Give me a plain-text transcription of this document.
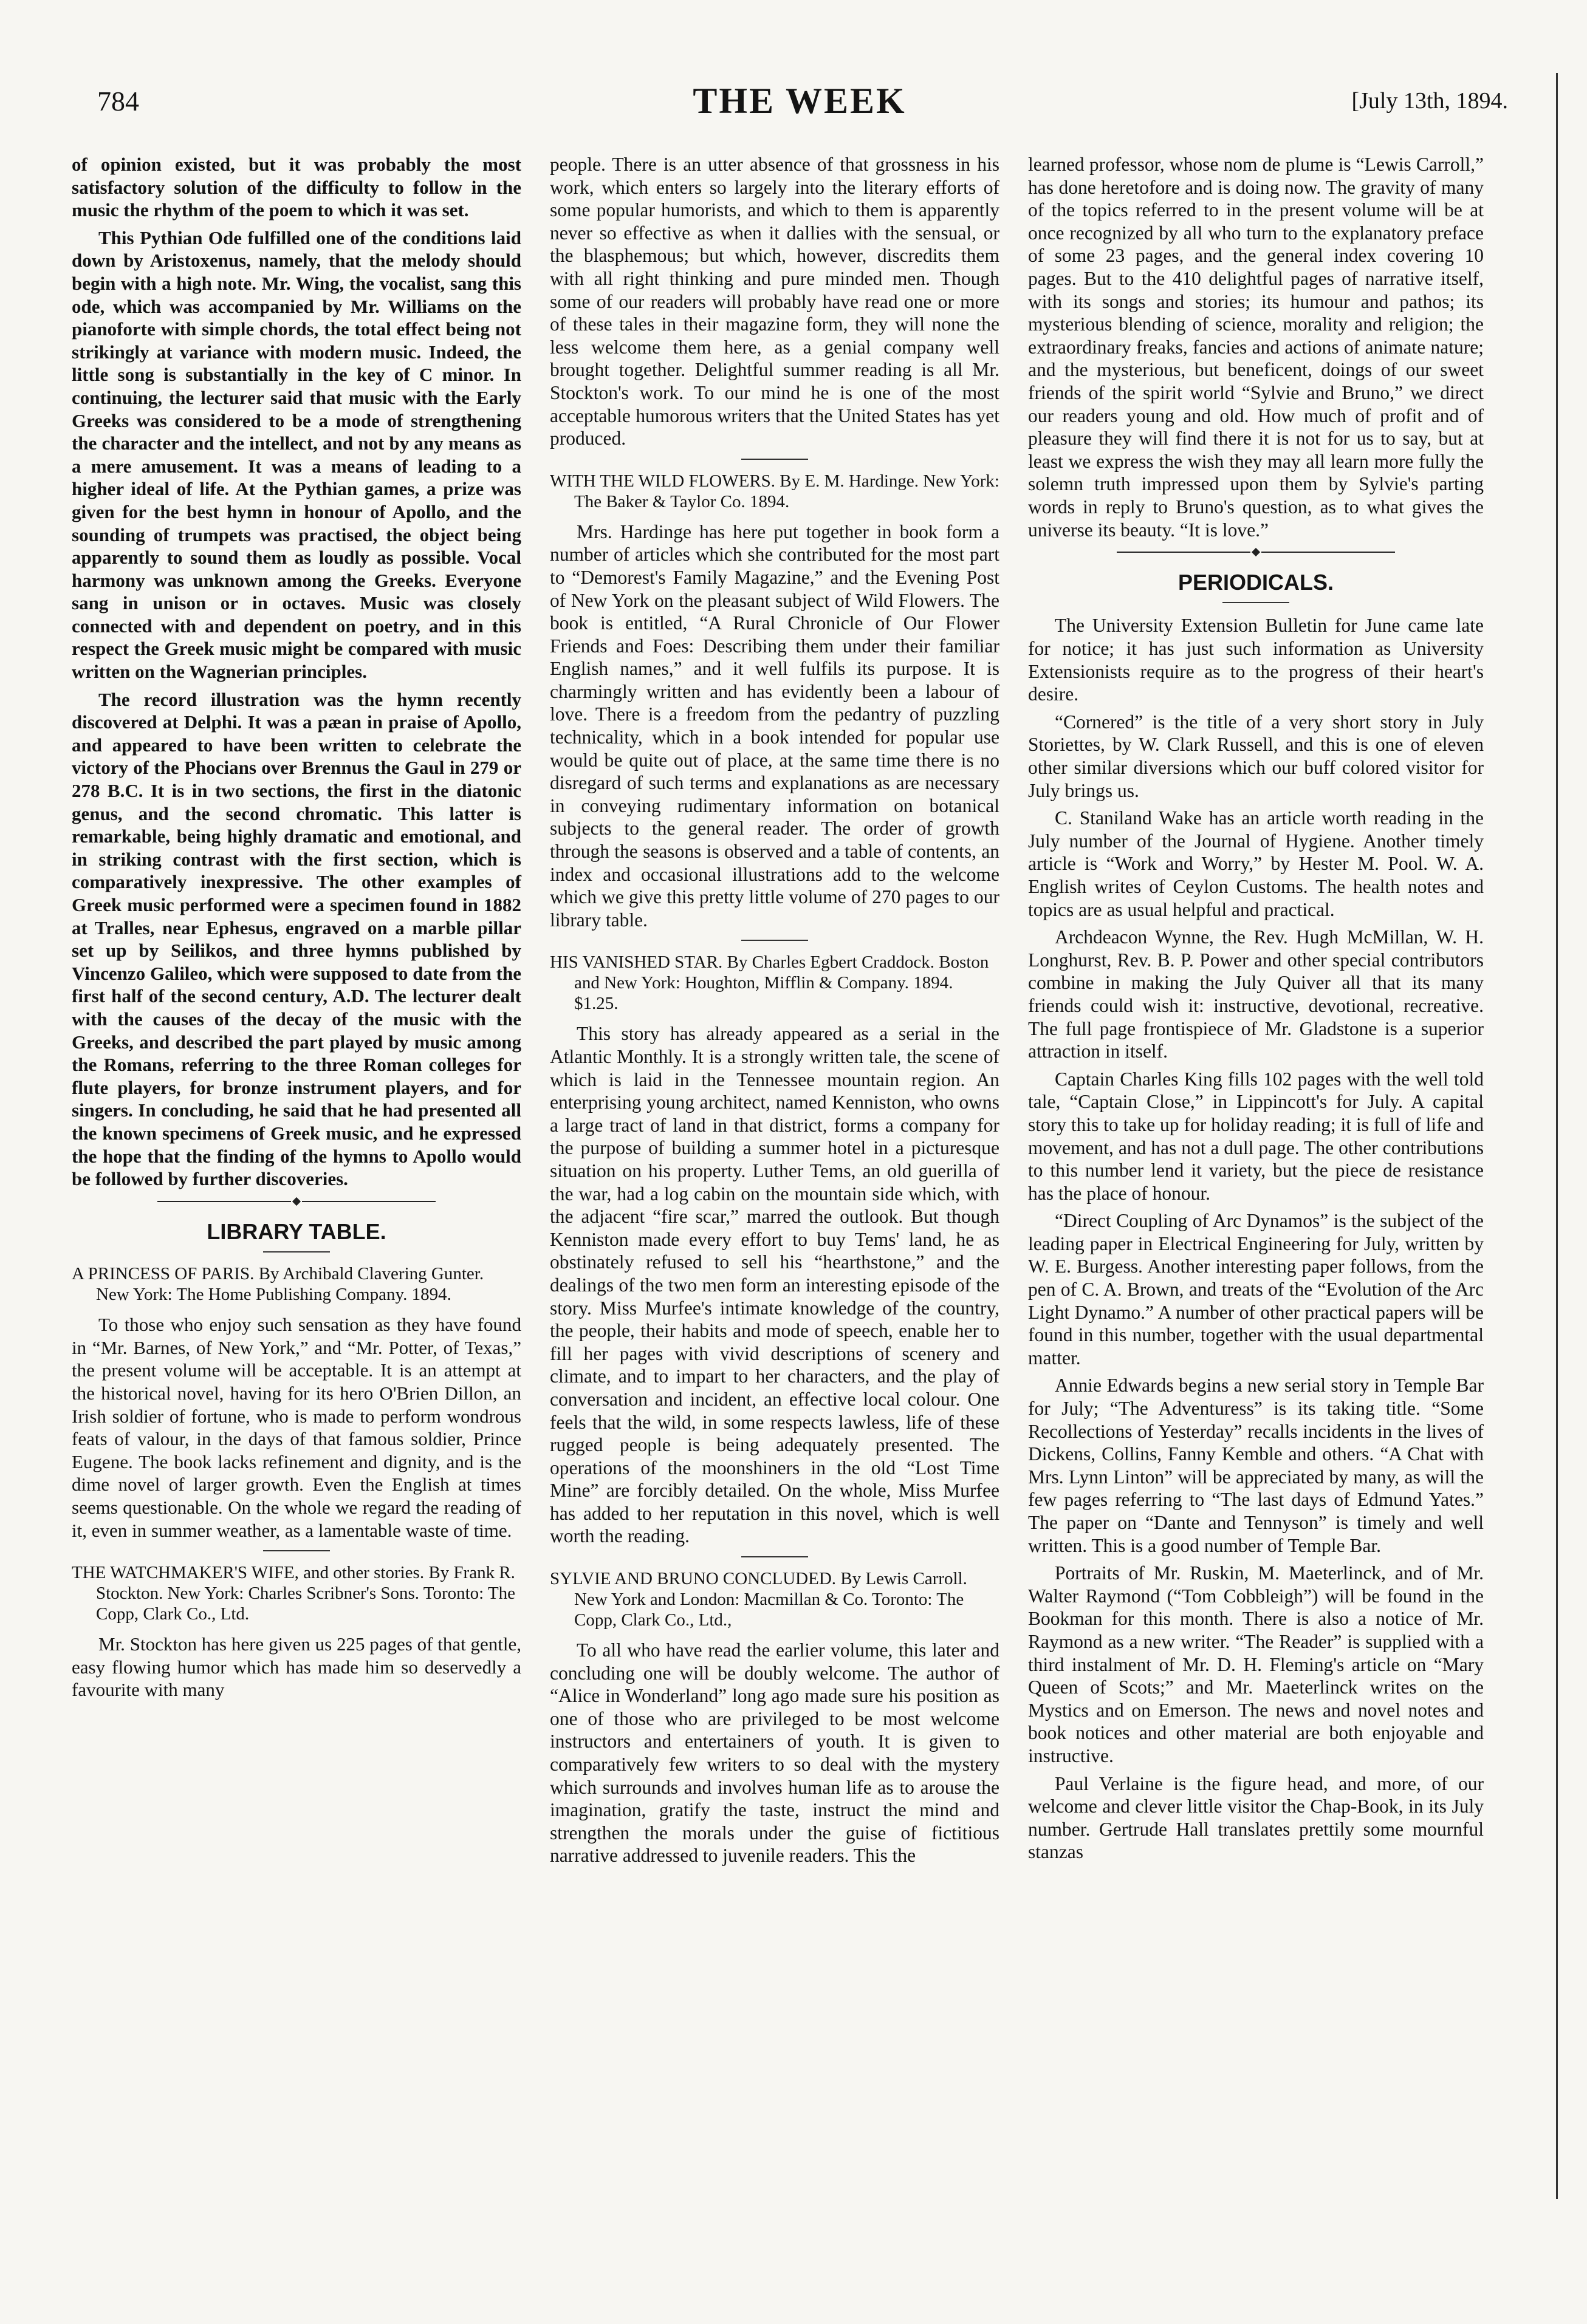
784	THE WEEK	[July 13th, 1894.

of opinion existed, but it was probably the most satisfactory solution of the difficulty to follow in the music the rhythm of the poem to which it was set.

This Pythian Ode fulfilled one of the conditions laid down by Aristoxenus, namely, that the melody should begin with a high note. Mr. Wing, the vocalist, sang this ode, which was accompanied by Mr. Williams on the pianoforte with simple chords, the total effect being not strikingly at variance with modern music. Indeed, the little song is substantially in the key of C minor. In continuing, the lecturer said that music with the Early Greeks was considered to be a mode of strengthening the character and the intellect, and not by any means as a mere amusement. It was a means of leading to a higher ideal of life. At the Pythian games, a prize was given for the best hymn in honour of Apollo, and the sounding of trumpets was practised, the object being apparently to sound them as loudly as possible. Vocal harmony was unknown among the Greeks. Everyone sang in unison or in octaves. Music was closely connected with and dependent on poetry, and in this respect the Greek music might be compared with music written on the Wagnerian principles.

The record illustration was the hymn recently discovered at Delphi. It was a pæan in praise of Apollo, and appeared to have been written to celebrate the victory of the Phocians over Brennus the Gaul in 279 or 278 B.C. It is in two sections, the first in the diatonic genus, and the second chromatic. This latter is remarkable, being highly dramatic and emotional, and in striking contrast with the first section, which is comparatively inexpressive. The other examples of Greek music performed were a specimen found in 1882 at Tralles, near Ephesus, engraved on a marble pillar set up by Seilikos, and three hymns published by Vincenzo Galileo, which were supposed to date from the first half of the second century, A.D. The lecturer dealt with the causes of the decay of the music with the Greeks, and described the part played by music among the Romans, referring to the three Roman colleges for flute players, for bronze instrument players, and for singers. In concluding, he said that he had presented all the known specimens of Greek music, and he expressed the hope that the finding of the hymns to Apollo would be followed by further discoveries.

LIBRARY TABLE.
A PRINCESS OF PARIS. By Archibald Clavering Gunter. New York: The Home Publishing Company. 1894.

To those who enjoy such sensation as they have found in “Mr. Barnes, of New York,” and “Mr. Potter, of Texas,” the present volume will be acceptable. It is an attempt at the historical novel, having for its hero O'Brien Dillon, an Irish soldier of fortune, who is made to perform wondrous feats of valour, in the days of that famous soldier, Prince Eugene. The book lacks refinement and dignity, and is the dime novel of larger growth. Even the English at times seems questionable. On the whole we regard the reading of it, even in summer weather, as a lamentable waste of time.

THE WATCHMAKER'S WIFE, and other stories. By Frank R. Stockton. New York: Charles Scribner's Sons. Toronto: The Copp, Clark Co., Ltd.

Mr. Stockton has here given us 225 pages of that gentle, easy flowing humor which has made him so deservedly a favourite with many

people. There is an utter absence of that grossness in his work, which enters so largely into the literary efforts of some popular humorists, and which to them is apparently never so effective as when it dallies with the sensual, or the blasphemous; but which, however, discredits them with all right thinking and pure minded men. Though some of our readers will probably have read one or more of these tales in their magazine form, they will none the less welcome them here, as a genial company well brought together. Delightful summer reading is all Mr. Stockton's work. To our mind he is one of the most acceptable humorous writers that the United States has yet produced.

WITH THE WILD FLOWERS. By E. M. Hardinge. New York: The Baker & Taylor Co. 1894.

Mrs. Hardinge has here put together in book form a number of articles which she contributed for the most part to “Demorest's Family Magazine,” and the Evening Post of New York on the pleasant subject of Wild Flowers. The book is entitled, “A Rural Chronicle of Our Flower Friends and Foes: Describing them under their familiar English names,” and it well fulfils its purpose. It is charmingly written and has evidently been a labour of love. There is a freedom from the pedantry of puzzling technicality, which in a book intended for popular use would be quite out of place, at the same time there is no disregard of such terms and explanations as are necessary in conveying rudimentary information on botanical subjects to the general reader. The order of growth through the seasons is observed and a table of contents, an index and occasional illustrations add to the welcome which we give this pretty little volume of 270 pages to our library table.

HIS VANISHED STAR. By Charles Egbert Craddock. Boston and New York: Houghton, Mifflin & Company. 1894. $1.25.

This story has already appeared as a serial in the Atlantic Monthly. It is a strongly written tale, the scene of which is laid in the Tennessee mountain region. An enterprising young architect, named Kenniston, who owns a large tract of land in that district, forms a company for the purpose of building a summer hotel in a picturesque situation on his property. Luther Tems, an old guerilla of the war, had a log cabin on the mountain side which, with the adjacent “fire scar,” marred the outlook. But though Kenniston made every effort to buy Tems' land, he as obstinately refused to sell his “hearthstone,” and the dealings of the two men form an interesting episode of the story. Miss Murfee's intimate knowledge of the country, the people, their habits and mode of speech, enable her to fill her pages with vivid descriptions of scenery and climate, and to impart to her characters, and the play of conversation and incident, an effective local colour. One feels that the wild, in some respects lawless, life of these rugged people is being adequately presented. The operations of the moonshiners in the old “Lost Time Mine” are forcibly detailed. On the whole, Miss Murfee has added to her reputation in this novel, which is well worth the reading.

SYLVIE AND BRUNO CONCLUDED. By Lewis Carroll. New York and London: Macmillan & Co. Toronto: The Copp, Clark Co., Ltd.,

To all who have read the earlier volume, this later and concluding one will be doubly welcome. The author of “Alice in Wonderland” long ago made sure his position as one of those who are privileged to be most welcome instructors and entertainers of youth. It is given to comparatively few writers to so deal with the mystery which surrounds and involves human life as to arouse the imagination, gratify the taste, instruct the mind and strengthen the morals under the guise of fictitious narrative addressed to juvenile readers. This the

learned professor, whose nom de plume is “Lewis Carroll,” has done heretofore and is doing now. The gravity of many of the topics referred to in the present volume will be at once recognized by all who turn to the explanatory preface of some 23 pages, and the general index covering 10 pages. But to the 410 delightful pages of narrative itself, with its songs and stories; its humour and pathos; its mysterious blending of science, morality and religion; the extraordinary freaks, fancies and actions of animate nature; and the mysterious, but beneficent, doings of our sweet friends of the spirit world “Sylvie and Bruno,” we direct our readers young and old. How much of profit and of pleasure they will find there it is not for us to say, but at least we express the wish they may all learn more fully the solemn truth impressed upon them by Sylvie's parting words in reply to Bruno's question, as to what gives the universe its beauty. “It is love.”

PERIODICALS.

The University Extension Bulletin for June came late for notice; it has just such information as University Extensionists require as to the progress of their heart's desire.

“Cornered” is the title of a very short story in July Storiettes, by W. Clark Russell, and this is one of eleven other similar diversions which our buff colored visitor for July brings us.

C. Staniland Wake has an article worth reading in the July number of the Journal of Hygiene. Another timely article is “Work and Worry,” by Hester M. Pool. W. A. English writes of Ceylon Customs. The health notes and topics are as usual helpful and practical.

Archdeacon Wynne, the Rev. Hugh McMillan, W. H. Longhurst, Rev. B. P. Power and other special contributors combine in making the July Quiver all that its many friends could wish it: instructive, devotional, recreative. The full page frontispiece of Mr. Gladstone is a superior attraction in itself.

Captain Charles King fills 102 pages with the well told tale, “Captain Close,” in Lippincott's for July. A capital story this to take up for holiday reading; it is full of life and movement, and has not a dull page. The other contributions to this number lend it variety, but the piece de resistance has the place of honour.

“Direct Coupling of Arc Dynamos” is the subject of the leading paper in Electrical Engineering for July, written by W. E. Burgess. Another interesting paper follows, from the pen of C. A. Brown, and treats of the “Evolution of the Arc Light Dynamo.” A number of other practical papers will be found in this number, together with the usual departmental matter.

Annie Edwards begins a new serial story in Temple Bar for July; “The Adventuress” is its taking title. “Some Recollections of Yesterday” recalls incidents in the lives of Dickens, Collins, Fanny Kemble and others. “A Chat with Mrs. Lynn Linton” will be appreciated by many, as will the few pages referring to “The last days of Edmund Yates.” The paper on “Dante and Tennyson” is timely and well written. This is a good number of Temple Bar.

Portraits of Mr. Ruskin, M. Maeterlinck, and of Mr. Walter Raymond (“Tom Cobbleigh”) will be found in the Bookman for this month. There is also a notice of Mr. Raymond as a new writer. “The Reader” is supplied with a third instalment of Mr. D. H. Fleming's article on “Mary Queen of Scots;” and Mr. Maeterlinck writes on the Mystics and on Emerson. The news and novel notes and book notices and other material are both enjoyable and instructive.

Paul Verlaine is the figure head, and more, of our welcome and clever little visitor the Chap-Book, in its July number. Gertrude Hall translates prettily some mournful stanzas
